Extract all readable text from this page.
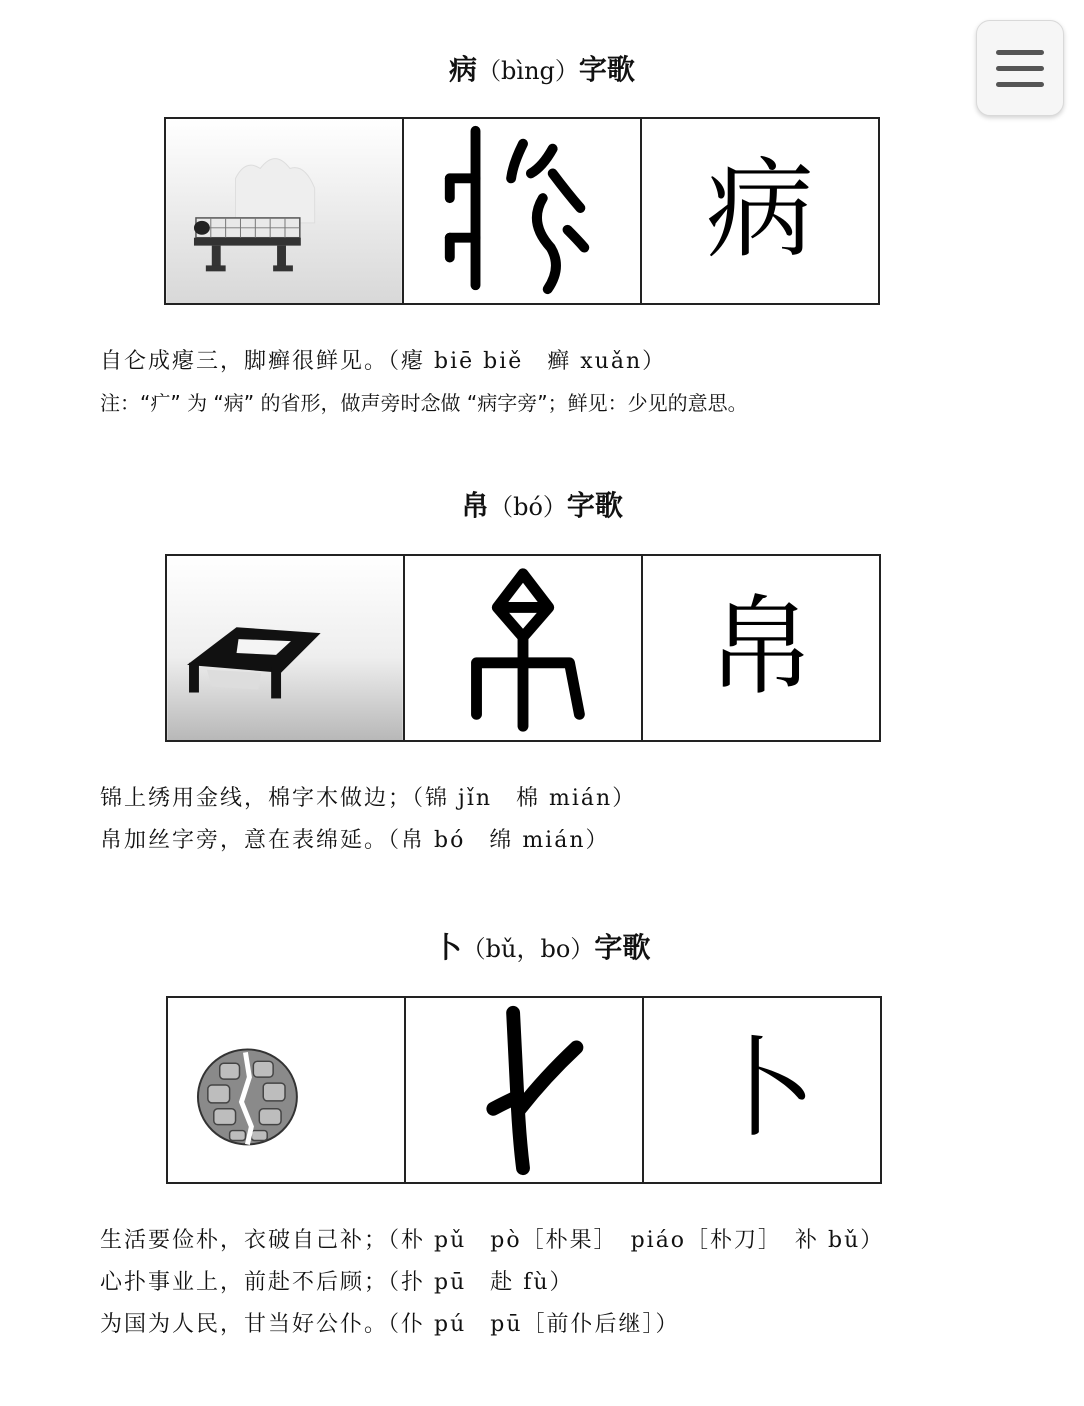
病（bìng）字歌
病
自仑成瘪三，脚癣很鲜见。（瘪 biē biě　癣 xuǎn）
注：“疒” 为 “病” 的省形，做声旁时念做 “病字旁”；鲜见：少见的意思。
帛（bó）字歌
帛
锦上绣用金线，棉字木做边；（锦 jǐn　棉 mián）
帛加丝字旁，意在表绵延。（帛 bó　绵 mián）
卜（bǔ，bo）字歌
卜
生活要俭朴，衣破自己补；（朴 pǔ　pò［朴果］　piáo［朴刀］　补 bǔ）
心扑事业上，前赴不后顾；（扑 pū　赴 fù）
为国为人民，甘当好公仆。（仆 pú　pū［前仆后继］）
